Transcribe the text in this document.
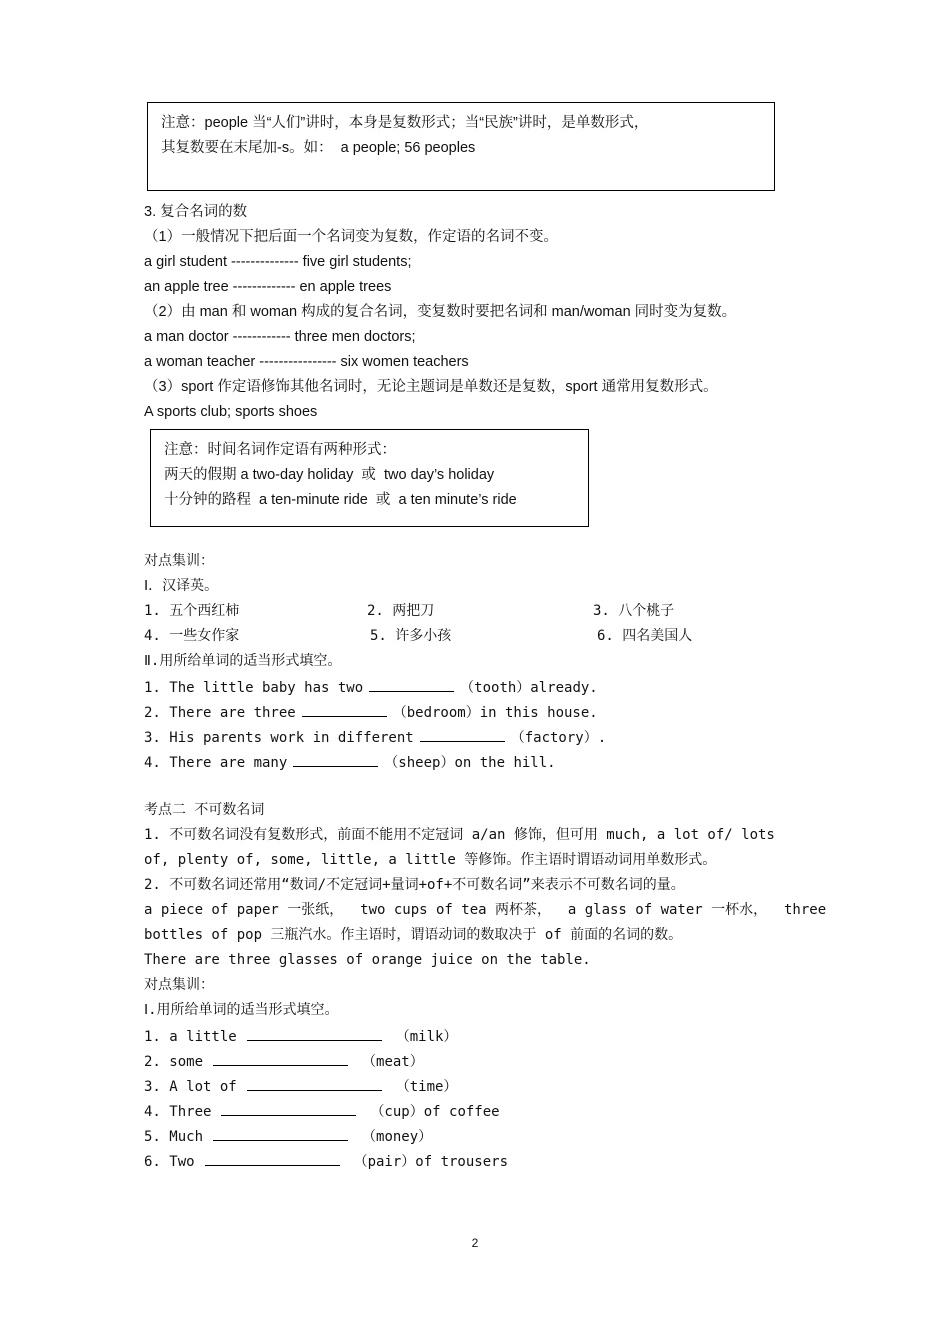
注意：people 当“人们”讲时，本身是复数形式；当“民族”讲时，是单数形式，
其复数要在末尾加-s。如：  a people; 56 peoples
3. 复合名词的数
（1）一般情况下把后面一个名词变为复数，作定语的名词不变。
a girl student -------------- five girl students;
an apple tree ------------- en apple trees
（2）由 man 和 woman 构成的复合名词，变复数时要把名词和 man/woman 同时变为复数。
a man doctor ------------ three men doctors;
a woman teacher ---------------- six women teachers
（3）sport 作定语修饰其他名词时，无论主题词是单数还是复数，sport 通常用复数形式。
A sports club; sports shoes
注意：时间名词作定语有两种形式：
两天的假期 a two-day holiday  或  two day’s holiday
十分钟的路程  a ten-minute ride  或  a ten minute’s ride
对点集训：
Ⅰ．汉译英。
1. 五个西红柿	2. 两把刀	3. 八个桃子
4. 一些女作家	5. 许多小孩	6. 四名美国人
Ⅱ.用所给单词的适当形式填空。
1. The little baby has two	（tooth）already.
2. There are three	（bedroom）in this house.
3. His parents work in different	（factory）.
4. There are many	（sheep）on the hill.
考点二 不可数名词
1. 不可数名词没有复数形式，前面不能用不定冠词 a/an 修饰，但可用 much, a lot of/ lots
of, plenty of, some, little, a little 等修饰。作主语时谓语动词用单数形式。
2. 不可数名词还常用“数词/不定冠词+量词+of+不可数名词”来表示不可数名词的量。
a piece of paper 一张纸，  two cups of tea 两杯茶，  a glass of water 一杯水，  three
bottles of pop 三瓶汽水。作主语时，谓语动词的数取决于 of 前面的名词的数。
There are three glasses of orange juice on the table.
对点集训：
Ⅰ.用所给单词的适当形式填空。
1. a little	（milk）
2. some	（meat）
3. A lot of	（time）
4. Three	（cup）of coffee
5. Much	（money）
6. Two	（pair）of trousers
2
